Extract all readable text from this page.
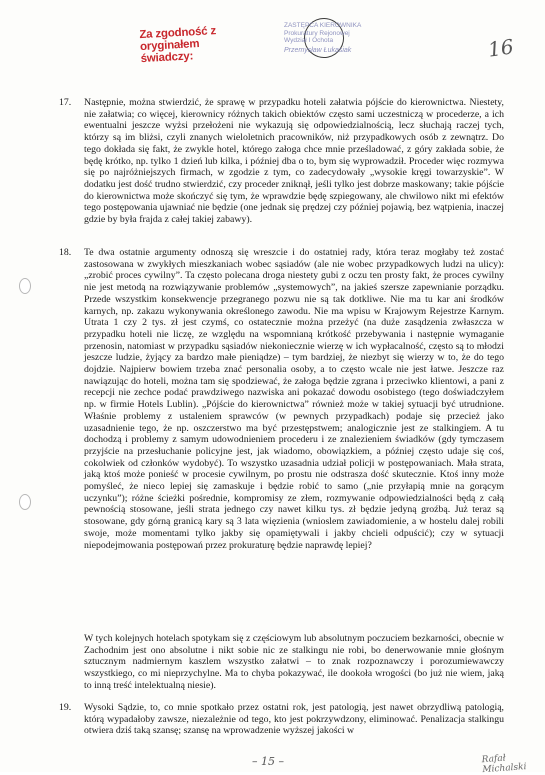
Za zgodność z oryginałem
świadczy:
ZASTĘPCA KIEROWNIKA
Prokuratury Rejonowej
Wydział I Ochota
Przemysław Łukasiak	16
17. Następnie, można stwierdzić, że sprawę w przypadku hoteli załatwia pójście do kierownictwa. Niestety, nie załatwia; co więcej, kierownicy różnych takich obiektów często sami uczestniczą w procederze, a ich ewentualni jeszcze wyżsi przełożeni nie wykazują się odpowiedzialnością, lecz słuchają raczej tych, którzy są im bliżsi, czyli znanych wieloletnich pracowników, niż przypadkowych osób z zewnątrz. Do tego dokłada się fakt, że zwykle hotel, którego załoga chce mnie prześladować, z góry zakłada sobie, że będę krótko, np. tylko 1 dzień lub kilka, i później dba o to, bym się wyprowadził. Proceder więc rozmywa się po najróżniejszych firmach, w zgodzie z tym, co zadecydowały „wysokie kręgi towarzyskie”. W dodatku jest dość trudno stwierdzić, czy proceder zniknął, jeśli tylko jest dobrze maskowany; takie pójście do kierownictwa może skończyć się tym, że wprawdzie będę szpiegowany, ale chwilowo nikt mi efektów tego postępowania ujawniać nie będzie (one jednak się prędzej czy później pojawią, bez wątpienia, inaczej gdzie by była frajda z całej takiej zabawy).
18. Te dwa ostatnie argumenty odnoszą się wreszcie i do ostatniej rady, która teraz mogłaby też zostać zastosowana w zwykłych mieszkaniach wobec sąsiadów (ale nie wobec przypadkowych ludzi na ulicy): „zrobić proces cywilny”. Ta często polecana droga niestety gubi z oczu ten prosty fakt, że proces cywilny nie jest metodą na rozwiązywanie problemów „systemowych”, na jakieś szersze zapewnianie porządku. Przede wszystkim konsekwencje przegranego pozwu nie są tak dotkliwe. Nie ma tu kar ani środków karnych, np. zakazu wykonywania określonego zawodu. Nie ma wpisu w Krajowym Rejestrze Karnym. Utrata 1 czy 2 tys. zł jest czymś, co ostatecznie można przeżyć (na duże zasądzenia zwłaszcza w przypadku hoteli nie liczę, ze względu na wspomnianą krótkość przebywania i następnie wymaganie przenosin, natomiast w przypadku sąsiadów niekoniecznie wierzę w ich wypłacalność, często są to młodzi jeszcze ludzie, żyjący za bardzo małe pieniądze) – tym bardziej, że niezbyt się wierzy w to, że do tego dojdzie. Najpierw bowiem trzeba znać personalia osoby, a to często wcale nie jest łatwe. Jeszcze raz nawiązując do hoteli, można tam się spodziewać, że załoga będzie zgrana i przeciwko klientowi, a pani z recepcji nie zechce podać prawdziwego nazwiska ani pokazać dowodu osobistego (tego doświadczyłem np. w firmie Hotels Lublin). „Pójście do kierownictwa” również może w takiej sytuacji być utrudnione. Właśnie problemy z ustaleniem sprawców (w pewnych przypadkach) podaje się przecież jako uzasadnienie tego, że np. oszczerstwo ma być przestępstwem; analogicznie jest ze stalkingiem. A tu dochodzą i problemy z samym udowodnieniem procederu i ze znalezieniem świadków (gdy tymczasem przyjście na przesłuchanie policyjne jest, jak wiadomo, obowiązkiem, a później często udaje się coś, cokolwiek od członków wydobyć). To wszystko uzasadnia udział policji w postępowaniach. Mała strata, jaką ktoś może ponieść w procesie cywilnym, po prostu nie odstrasza dość skutecznie. Ktoś inny może pomyśleć, że nieco lepiej się zamaskuje i będzie robić to samo („nie przyłapią mnie na gorącym uczynku”); różne ścieżki pośrednie, kompromisy ze złem, rozmywanie odpowiedzialności będą z całą pewnością stosowane, jeśli strata jednego czy nawet kilku tys. zł będzie jedyną groźbą. Już teraz są stosowane, gdy górną granicą kary są 3 lata więzienia (wnioslem zawiadomienie, a w hostelu dalej robili swoje, może momentami tylko jakby się opamiętywali i jakby chcieli odpuścić); czy w sytuacji niepodejmowania postępowań przez prokuraturę będzie naprawdę lepiej?
W tych kolejnych hotelach spotykam się z częściowym lub absolutnym poczuciem bezkarności, obecnie w Zachodnim jest ono absolutne i nikt sobie nic ze stalkingu nie robi, bo denerwowanie mnie głośnym sztucznym nadmiernym kaszlem wszystko załatwi – to znak rozpoznawczy i porozumiewawczy wszystkiego, co mi nieprzychylne. Ma to chyba pokazywać, ile dookoła wrogości (bo już nie wiem, jaką to inną treść intelektualną niesie).
19. Wysoki Sądzie, to, co mnie spotkało przez ostatni rok, jest patologią, jest nawet obrzydliwą patologią, którą wypadałoby zawsze, niezależnie od tego, kto jest pokrzywdzony, eliminować. Penalizacja stalkingu otwiera dziś taką szansę; szansę na wprowadzenie wyższej jakości w
– 15 –	Rafał Michalski
